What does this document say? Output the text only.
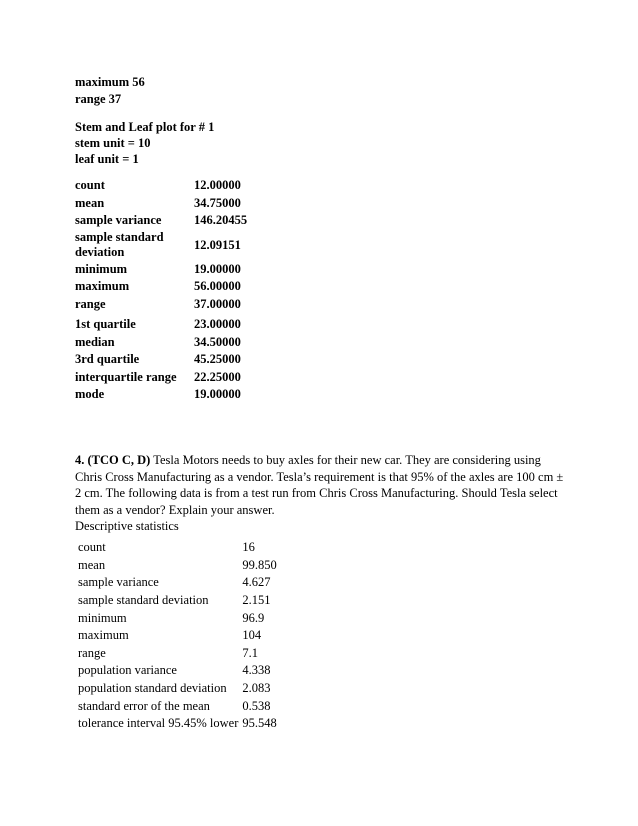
maximum 56
range 37
Stem and Leaf plot for # 1
stem unit = 10
leaf unit = 1
count	12.00000
mean	34.75000
sample variance	146.20455
sample standard deviation	12.09151
minimum	19.00000
maximum	56.00000
range	37.00000
1st quartile	23.00000
median	34.50000
3rd quartile	45.25000
interquartile range	22.25000
mode	19.00000
4. (TCO C, D) Tesla Motors needs to buy axles for their new car. They are considering using Chris Cross Manufacturing as a vendor. Tesla’s requirement is that 95% of the axles are 100 cm ± 2 cm. The following data is from a test run from Chris Cross Manufacturing. Should Tesla select them as a vendor? Explain your answer.
Descriptive statistics
count	16
mean	99.850
sample variance	4.627
sample standard deviation	2.151
minimum	96.9
maximum	104
range	7.1
population variance	4.338
population standard deviation	2.083
standard error of the mean	0.538
tolerance interval 95.45% lower	95.548
